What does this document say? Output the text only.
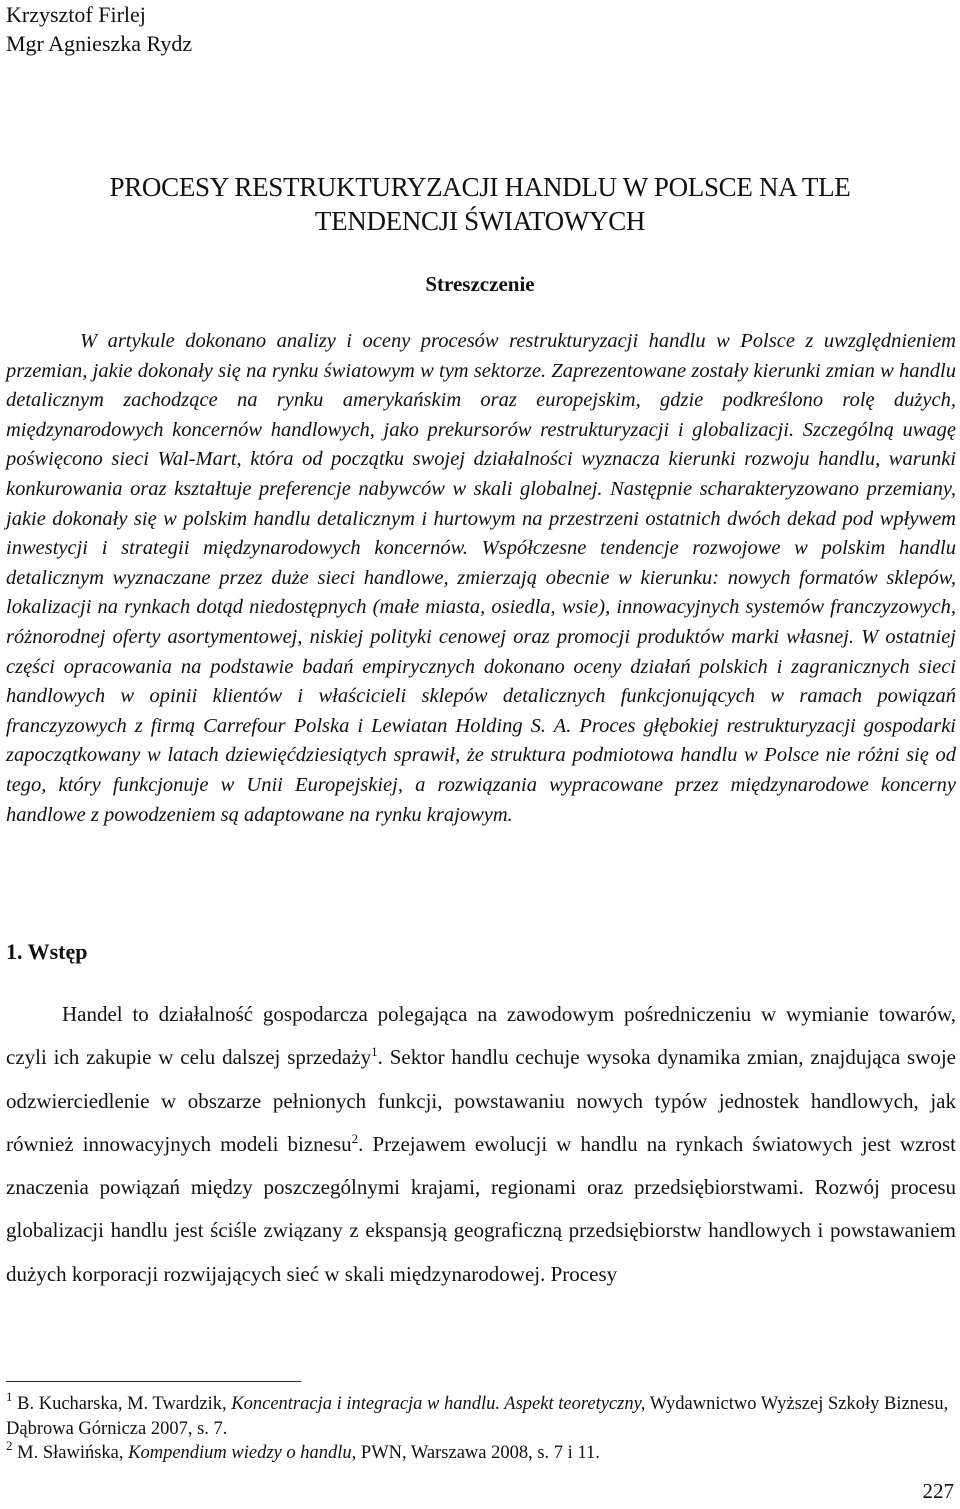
Krzysztof Firlej
Mgr Agnieszka Rydz
PROCESY RESTRUKTURYZACJI HANDLU W POLSCE NA TLE
TENDENCJI ŚWIATOWYCH
Streszczenie
W artykule dokonano analizy i oceny procesów restrukturyzacji handlu w Polsce z uwzględnieniem przemian, jakie dokonały się na rynku światowym w tym sektorze. Zaprezentowane zostały kierunki zmian w handlu detalicznym zachodzące na rynku amerykańskim oraz europejskim, gdzie podkreślono rolę dużych, międzynarodowych koncernów handlowych, jako prekursorów restrukturyzacji i globalizacji. Szczególną uwagę poświęcono sieci Wal-Mart, która od początku swojej działalności wyznacza kierunki rozwoju handlu, warunki konkurowania oraz kształtuje preferencje nabywców w skali globalnej. Następnie scharakteryzowano przemiany, jakie dokonały się w polskim handlu detalicznym i hurtowym na przestrzeni ostatnich dwóch dekad pod wpływem inwestycji i strategii międzynarodowych koncernów. Współczesne tendencje rozwojowe w polskim handlu detalicznym wyznaczane przez duże sieci handlowe, zmierzają obecnie w kierunku: nowych formatów sklepów, lokalizacji na rynkach dotąd niedostępnych (małe miasta, osiedla, wsie), innowacyjnych systemów franczyzowych, różnorodnej oferty asortymentowej, niskiej polityki cenowej oraz promocji produktów marki własnej. W ostatniej części opracowania na podstawie badań empirycznych dokonano oceny działań polskich i zagranicznych sieci handlowych w opinii klientów i właścicieli sklepów detalicznych funkcjonujących w ramach powiązań franczyzowych z firmą Carrefour Polska i Lewiatan Holding S. A. Proces głębokiej restrukturyzacji gospodarki zapoczątkowany w latach dziewięćdziesiątych sprawił, że struktura podmiotowa handlu w Polsce nie różni się od tego, który funkcjonuje w Unii Europejskiej, a rozwiązania wypracowane przez międzynarodowe koncerny handlowe z powodzeniem są adaptowane na rynku krajowym.
1. Wstęp
Handel to działalność gospodarcza polegająca na zawodowym pośredniczeniu w wymianie towarów, czyli ich zakupie w celu dalszej sprzedaży$^1$. Sektor handlu cechuje wysoka dynamika zmian, znajdująca swoje odzwierciedlenie w obszarze pełnionych funkcji, powstawaniu nowych typów jednostek handlowych, jak również innowacyjnych modeli biznesu$^2$. Przejawem ewolucji w handlu na rynkach światowych jest wzrost znaczenia powiązań między poszczególnymi krajami, regionami oraz przedsiębiorstwami. Rozwój procesu globalizacji handlu jest ściśle związany z ekspansją geograficzną przedsiębiorstw handlowych i powstawaniem dużych korporacji rozwijających sieć w skali międzynarodowej. Procesy
$^1$ B. Kucharska, M. Twardzik, Koncentracja i integracja w handlu. Aspekt teoretyczny, Wydawnictwo Wyższej Szkoły Biznesu, Dąbrowa Górnicza 2007, s. 7.
$^2$ M. Sławińska, Kompendium wiedzy o handlu, PWN, Warszawa 2008, s. 7 i 11.
227
